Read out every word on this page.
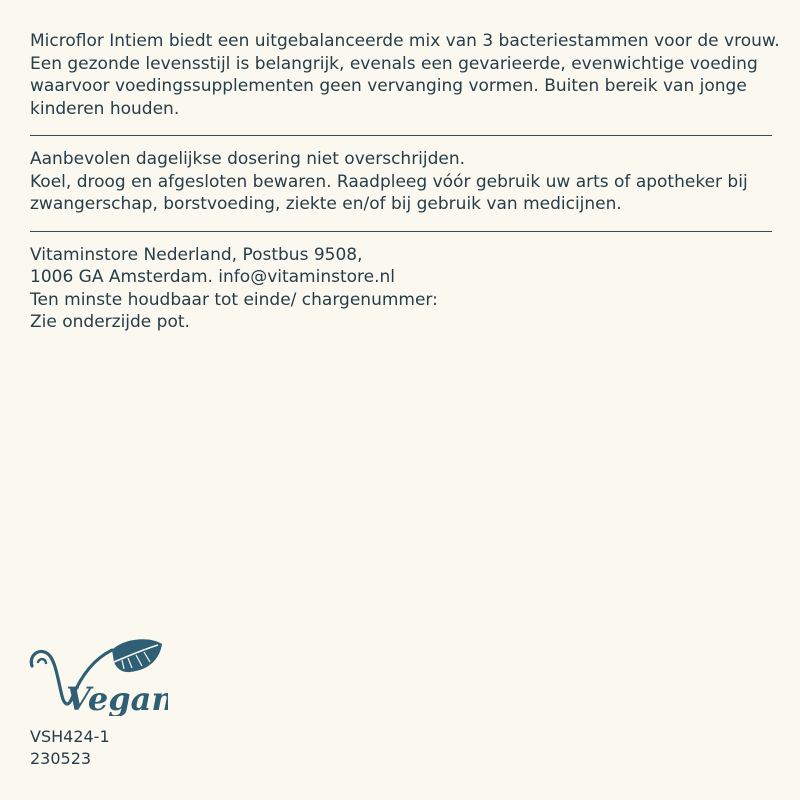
Microflor Intiem biedt een uitgebalanceerde mix van 3 bacteriestammen voor de vrouw.

Een gezonde levensstijl is belangrijk, evenals een gevarieerde, evenwichtige voeding

waarvoor voedingssupplementen geen vervanging vormen. Buiten bereik van jonge

kinderen houden.

Aanbevolen dagelijkse dosering niet overschrijden.

Koel, droog en afgesloten bewaren. Raadpleeg vóór gebruik uw arts of apotheker bij

zwangerschap, borstvoeding, ziekte en/of bij gebruik van medicijnen.

Vitaminstore Nederland, Postbus 9508,

1006 GA Amsterdam. info@vitaminstore.nl

Ten minste houdbaar tot einde/ chargenummer:

Zie onderzijde pot.

Vegan

VSH424-1

230523
